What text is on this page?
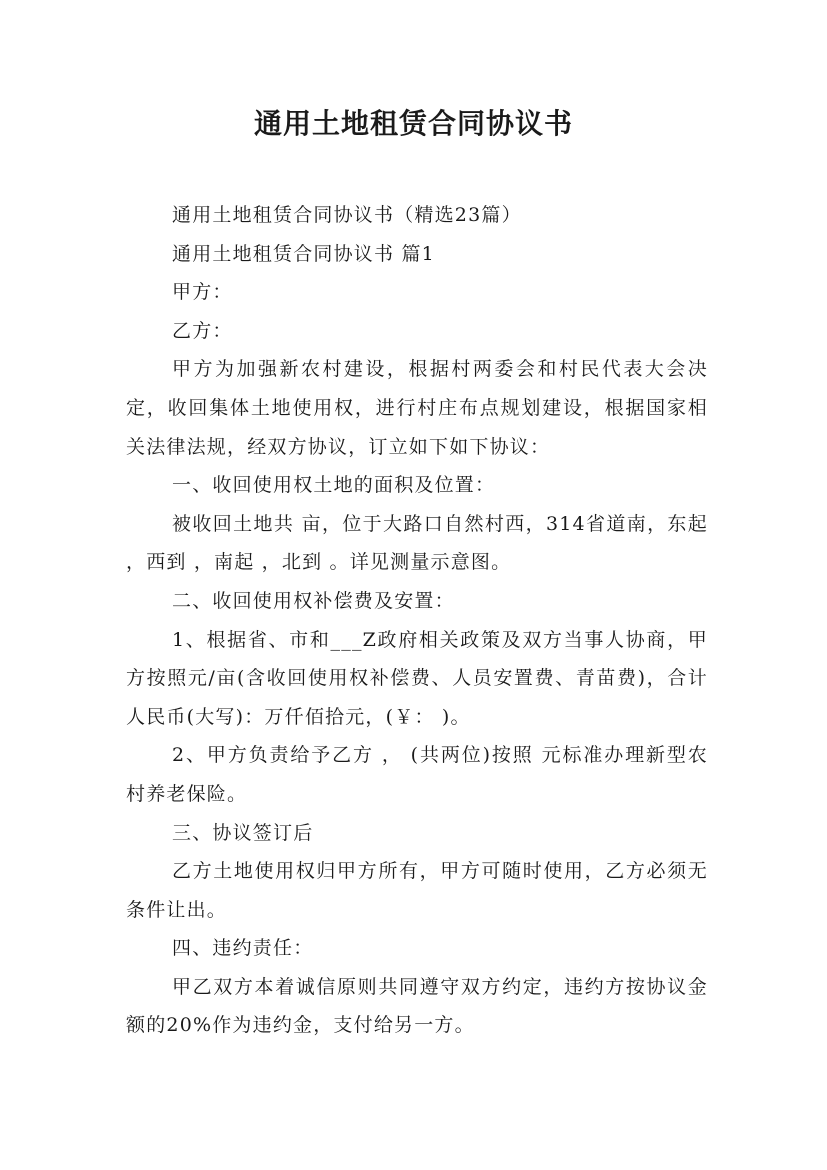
通用土地租赁合同协议书

通用土地租赁合同协议书（精选23篇）

通用土地租赁合同协议书 篇1

甲方：

乙方：

甲方为加强新农村建设，根据村两委会和村民代表大会决定，收回集体土地使用权，进行村庄布点规划建设，根据国家相关法律法规，经双方协议，订立如下如下协议：

一、收回使用权土地的面积及位置：

被收回土地共 亩，位于大路口自然村西，314省道南，东起 ，西到 ，南起 ，北到 。详见测量示意图。

二、收回使用权补偿费及安置：

1、根据省、市和___Z政府相关政策及双方当事人协商，甲方按照元/亩(含收回使用权补偿费、人员安置费、青苗费)，合计人民币(大写)：万仟佰拾元，(￥： )。

2、甲方负责给予乙方 ， (共两位)按照 元标准办理新型农村养老保险。

三、协议签订后

乙方土地使用权归甲方所有，甲方可随时使用，乙方必须无条件让出。

四、违约责任：

甲乙双方本着诚信原则共同遵守双方约定，违约方按协议金额的20%作为违约金，支付给另一方。
